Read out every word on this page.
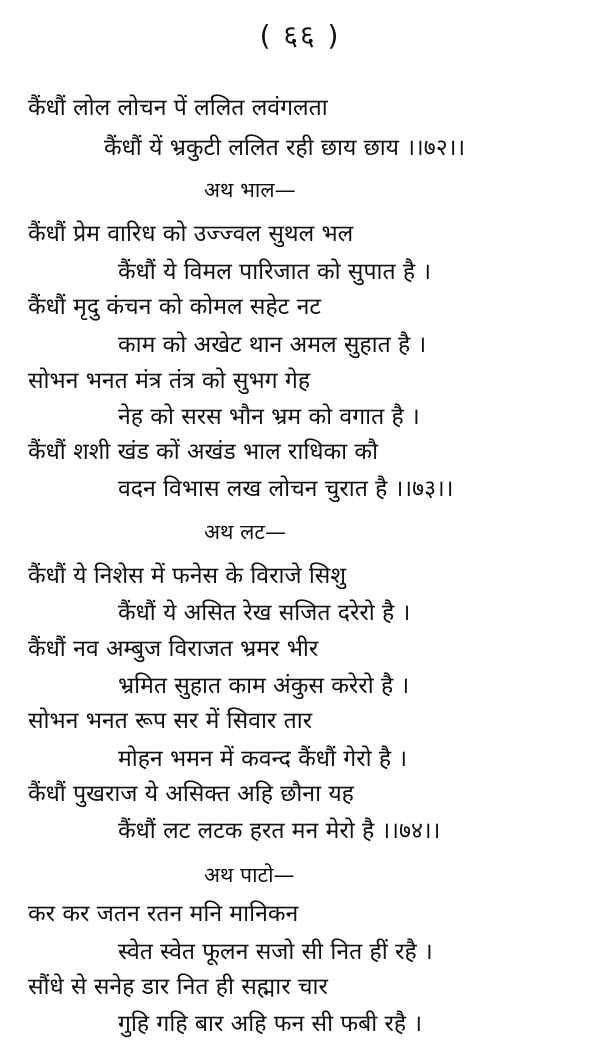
( ६६ )
कैंधौं लोल लोचन पें ललित लवंगलता
कैंधौं यें भ्रकुटी ललित रही छाय छाय ।।७२।।
अथ भाल—
कैंधौं प्रेम वारिध को उज्ज्वल सुथल भल
कैंधौं ये विमल पारिजात को सुपात है ।
कैंधौं मृदु कंचन को कोमल सहेट नट
काम को अखेट थान अमल सुहात है ।
सोभन भनत मंत्र तंत्र को सुभग गेह
नेह को सरस भौन भ्रम को वगात है ।
कैंधौं शशी खंड कों अखंड भाल राधिका कौ
वदन विभास लख लोचन चुरात है ।।७३।।
अथ लट—
कैंधौं ये निशेस में फनेस के विराजे सिशु
कैंधौं ये असित रेख सजित दरेरो है ।
कैंधौं नव अम्बुज विराजत भ्रमर भीर
भ्रमित सुहात काम अंकुस करेरो है ।
सोभन भनत रूप सर में सिवार तार
मोहन भमन में कवन्द कैंधौं गेरो है ।
कैंधौं पुखराज ये असिक्त अहि छौना यह
कैंधौं लट लटक हरत मन मेरो है ।।७४।।
अथ पाटो—
कर कर जतन रतन मनि मानिकन
स्वेत स्वेत फूलन सजो सी नित हीं रहै ।
सौंधे से सनेह डार नित ही सह्मार चार
गुहि गहि बार अहि फन सी फबी रहै ।
